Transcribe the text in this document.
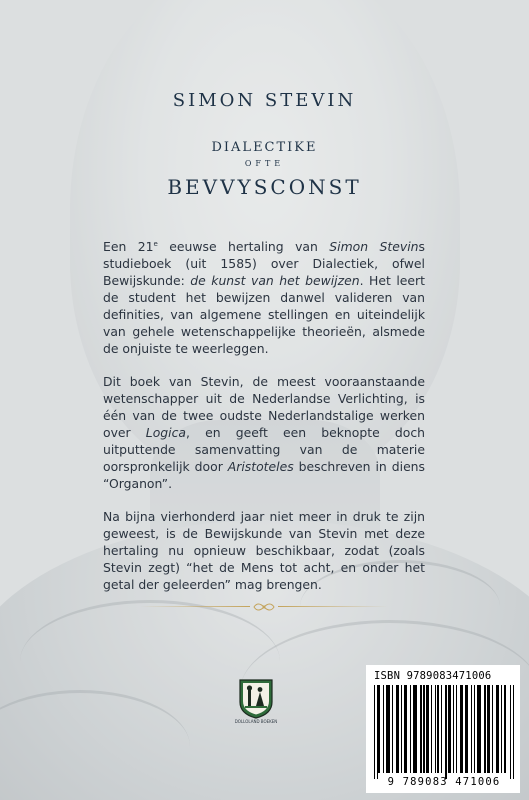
SIMON STEVIN
DIALECTIKE
OFTE
BEVVYSCONST

Een 21e eeuwse hertaling van Simon Stevins studieboek (uit 1585) over Dialectiek, ofwel Bewijskunde: de kunst van het bewijzen. Het leert de student het bewijzen danwel valideren van definities, van algemene stellingen en uiteindelijk van gehele wetenschappelijke theorieën, alsmede de onjuiste te weerleggen.

Dit boek van Stevin, de meest vooraanstaande wetenschapper uit de Nederlandse Verlichting, is één van de twee oudste Nederlandstalige werken over Logica, en geeft een beknopte doch uitputtende samenvatting van de materie oorspronkelijk door Aristoteles beschreven in diens “Organon”.

Na bijna vierhonderd jaar niet meer in druk te zijn geweest, is de Bewijskunde van Stevin met deze hertaling nu opnieuw beschikbaar, zodat (zoals Stevin zegt) “het de Mens tot acht, en onder het getal der geleerden” mag brengen.

DOLLOLAND BOEKEN
ISBN 9789083471006
9 789083 471006
